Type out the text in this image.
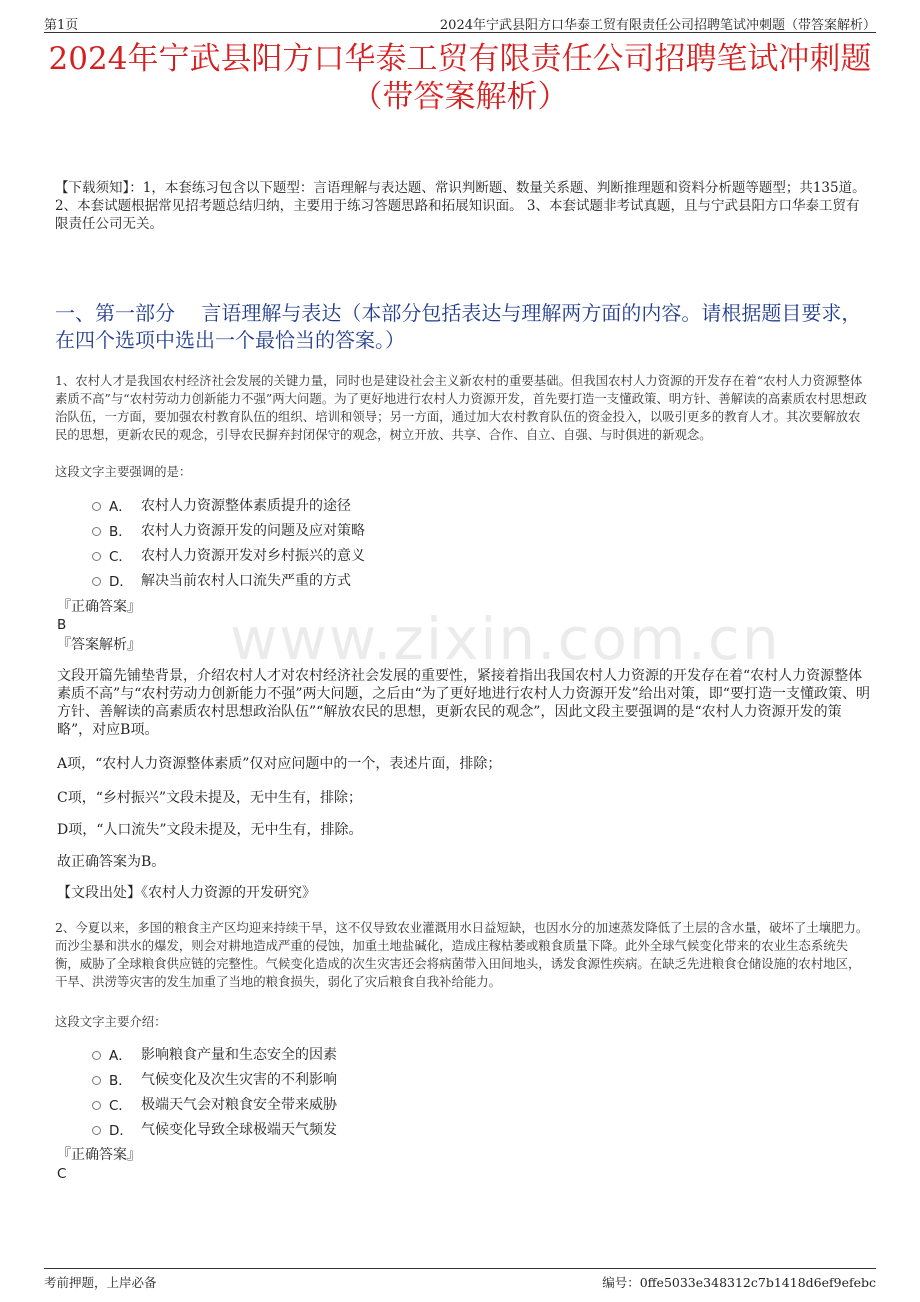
第1页	2024年宁武县阳方口华泰工贸有限责任公司招聘笔试冲刺题（带答案解析）
2024年宁武县阳方口华泰工贸有限责任公司招聘笔试冲刺题
（带答案解析）
【下载须知】：1，本套练习包含以下题型：言语理解与表达题、常识判断题、数量关系题、判断推理题和资料分析题等题型；共135道。 2、本套试题根据常见招考题总结归纳，主要用于练习答题思路和拓展知识面。 3、本套试题非考试真题，且与宁武县阳方口华泰工贸有限责任公司无关。
一、第一部分　 言语理解与表达（本部分包括表达与理解两方面的内容。请根据题目要求，在四个选项中选出一个最恰当的答案。）
1、农村人才是我国农村经济社会发展的关键力量，同时也是建设社会主义新农村的重要基础。但我国农村人力资源的开发存在着“农村人力资源整体素质不高”与“农村劳动力创新能力不强”两大问题。为了更好地进行农村人力资源开发，首先要打造一支懂政策、明方针、善解读的高素质农村思想政治队伍，一方面，要加强农村教育队伍的组织、培训和领导；另一方面，通过加大农村教育队伍的资金投入，以吸引更多的教育人才。其次要解放农民的思想，更新农民的观念，引导农民摒弃封闭保守的观念，树立开放、共享、合作、自立、自强、与时俱进的新观念。
这段文字主要强调的是：
A． 农村人力资源整体素质提升的途径
B． 农村人力资源开发的问题及应对策略
C． 农村人力资源开发对乡村振兴的意义
D． 解决当前农村人口流失严重的方式
『正确答案』
B
『答案解析』
文段开篇先铺垫背景，介绍农村人才对农村经济社会发展的重要性，紧接着指出我国农村人力资源的开发存在着“农村人力资源整体素质不高”与“农村劳动力创新能力不强”两大问题，之后由“为了更好地进行农村人力资源开发”给出对策，即“要打造一支懂政策、明方针、善解读的高素质农村思想政治队伍”“解放农民的思想，更新农民的观念”，因此文段主要强调的是“农村人力资源开发的策略”，对应B项。
A项，“农村人力资源整体素质”仅对应问题中的一个，表述片面，排除；
C项，“乡村振兴”文段未提及，无中生有，排除；
D项，“人口流失”文段未提及，无中生有，排除。
故正确答案为B。
【文段出处】《农村人力资源的开发研究》
2、今夏以来，多国的粮食主产区均迎来持续干旱，这不仅导致农业灌溉用水日益短缺，也因水分的加速蒸发降低了土层的含水量，破坏了土壤肥力。而沙尘暴和洪水的爆发，则会对耕地造成严重的侵蚀，加重土地盐碱化，造成庄稼枯萎或粮食质量下降。此外全球气候变化带来的农业生态系统失衡，威胁了全球粮食供应链的完整性。气候变化造成的次生灾害还会将病菌带入田间地头，诱发食源性疾病。在缺乏先进粮食仓储设施的农村地区，干旱、洪涝等灾害的发生加重了当地的粮食损失，弱化了灾后粮食自我补给能力。
这段文字主要介绍：
A． 影响粮食产量和生态安全的因素
B． 气候变化及次生灾害的不利影响
C． 极端天气会对粮食安全带来威胁
D． 气候变化导致全球极端天气频发
『正确答案』
C
www.zixin.com.cn
考前押题，上岸必备	编号：0ffe5033e348312c7b1418d6ef9efebc
